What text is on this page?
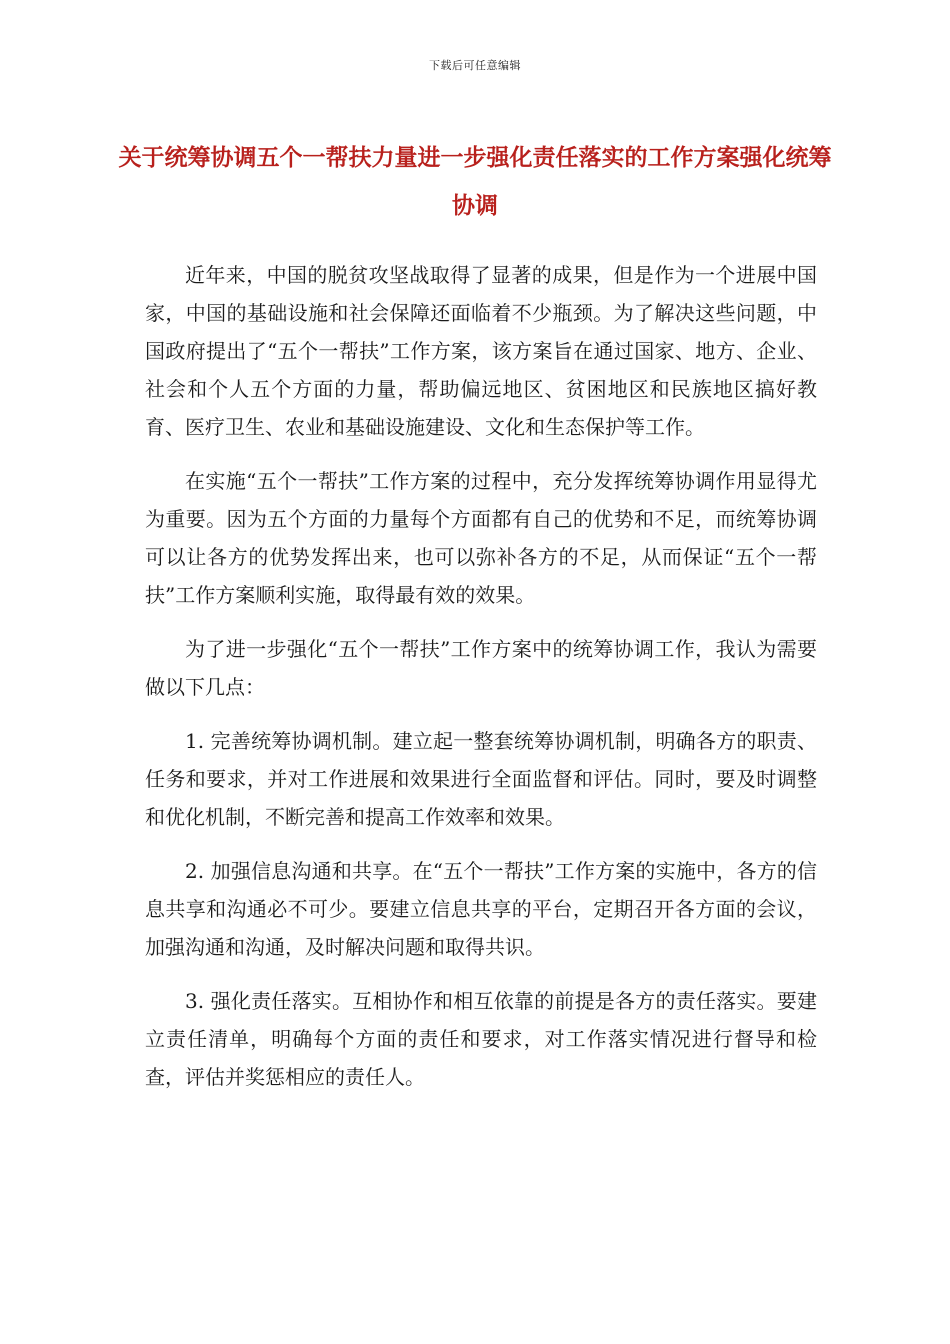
下载后可任意编辑
关于统筹协调五个一帮扶力量进一步强化责任落实的工作方案强化统筹协调

近年来，中国的脱贫攻坚战取得了显著的成果，但是作为一个进展中国家，中国的基础设施和社会保障还面临着不少瓶颈。为了解决这些问题，中国政府提出了“五个一帮扶”工作方案，该方案旨在通过国家、地方、企业、社会和个人五个方面的力量，帮助偏远地区、贫困地区和民族地区搞好教育、医疗卫生、农业和基础设施建设、文化和生态保护等工作。

在实施“五个一帮扶”工作方案的过程中，充分发挥统筹协调作用显得尤为重要。因为五个方面的力量每个方面都有自己的优势和不足，而统筹协调可以让各方的优势发挥出来，也可以弥补各方的不足，从而保证“五个一帮扶”工作方案顺利实施，取得最有效的效果。

为了进一步强化“五个一帮扶”工作方案中的统筹协调工作，我认为需要做以下几点：

1. 完善统筹协调机制。建立起一整套统筹协调机制，明确各方的职责、任务和要求，并对工作进展和效果进行全面监督和评估。同时，要及时调整和优化机制，不断完善和提高工作效率和效果。

2. 加强信息沟通和共享。在“五个一帮扶”工作方案的实施中，各方的信息共享和沟通必不可少。要建立信息共享的平台，定期召开各方面的会议，加强沟通和沟通，及时解决问题和取得共识。

3. 强化责任落实。互相协作和相互依靠的前提是各方的责任落实。要建立责任清单，明确每个方面的责任和要求，对工作落实情况进行督导和检查，评估并奖惩相应的责任人。
